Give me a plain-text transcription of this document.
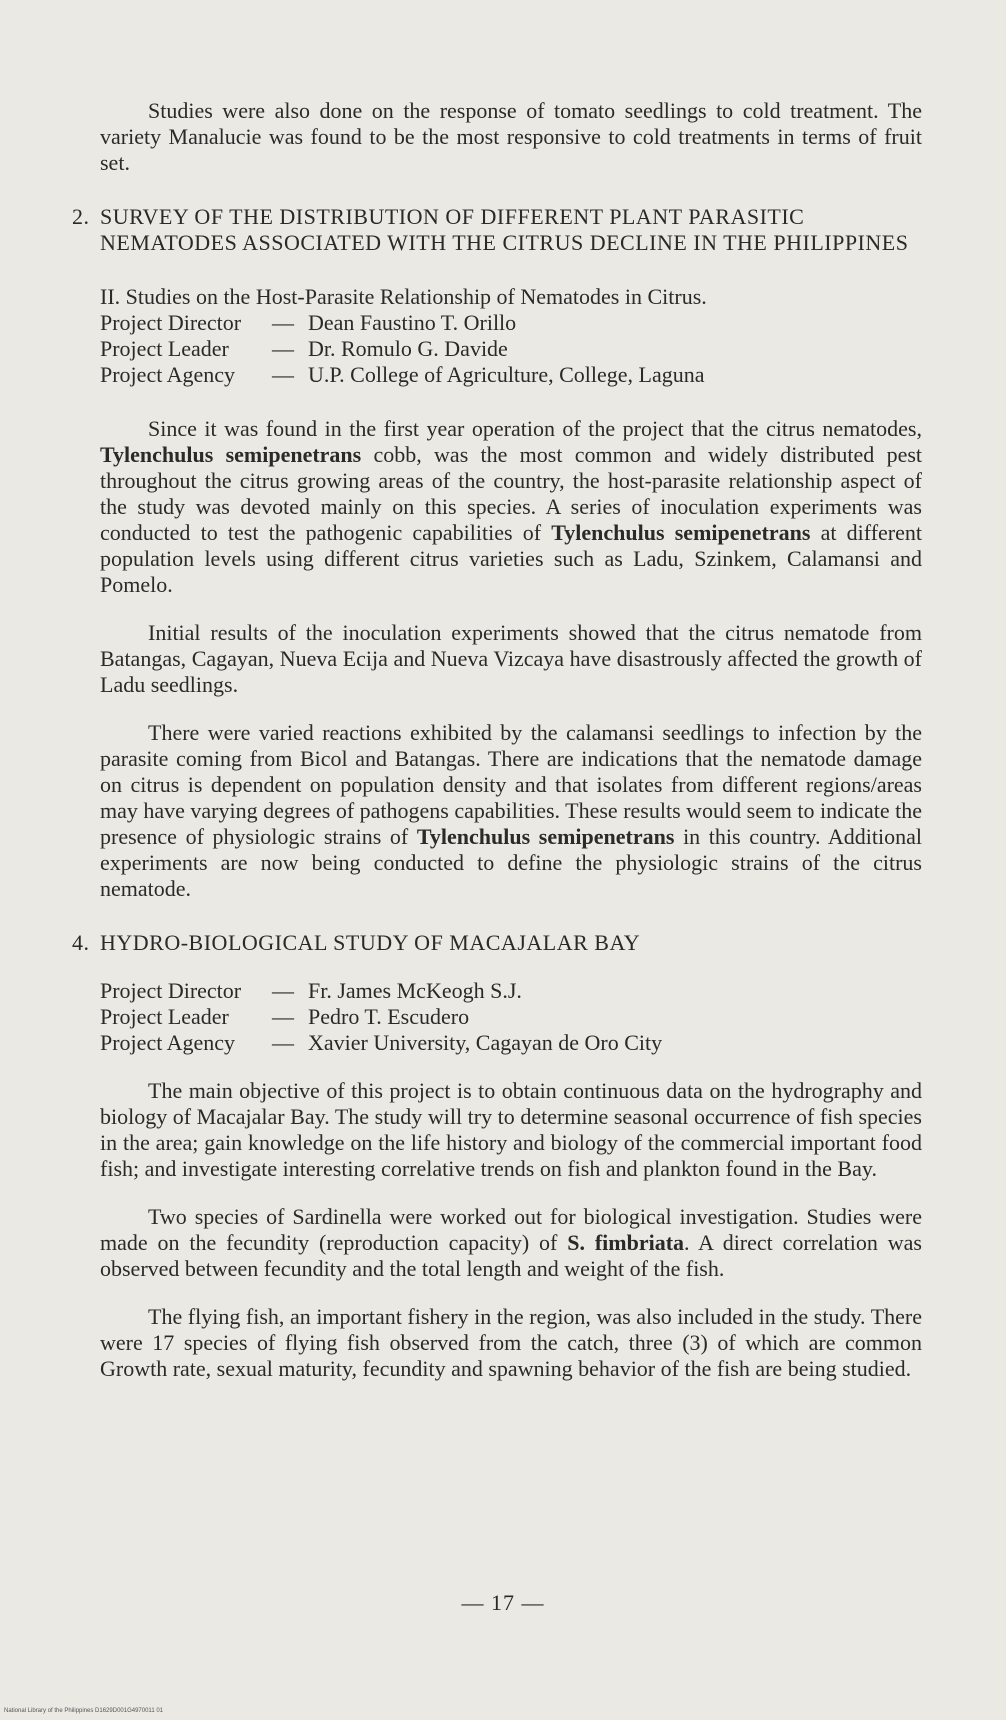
Studies were also done on the response of tomato seedlings to cold treatment. The variety Manalucie was found to be the most responsive to cold treatments in terms of fruit set.

2. SURVEY OF THE DISTRIBUTION OF DIFFERENT PLANT PARASITIC NEMATODES ASSOCIATED WITH THE CITRUS DECLINE IN THE PHILIPPINES

II. Studies on the Host-Parasite Relationship of Nematodes in Citrus.

Project Director	— Dean Faustino T. Orillo
Project Leader	— Dr. Romulo G. Davide
Project Agency	— U.P. College of Agriculture, College, Laguna

Since it was found in the first year operation of the project that the citrus nematodes, Tylenchulus semipenetrans cobb, was the most common and widely distributed pest throughout the citrus growing areas of the country, the host-parasite relationship aspect of the study was devoted mainly on this species. A series of inoculation experiments was conducted to test the pathogenic capabilities of Tylenchulus semipenetrans at different population levels using different citrus varieties such as Ladu, Szinkem, Calamansi and Pomelo.

Initial results of the inoculation experiments showed that the citrus nematode from Batangas, Cagayan, Nueva Ecija and Nueva Vizcaya have disastrously affected the growth of Ladu seedlings.

There were varied reactions exhibited by the calamansi seedlings to infection by the parasite coming from Bicol and Batangas. There are indications that the nematode damage on citrus is dependent on population density and that isolates from different regions/areas may have varying degrees of pathogens capabilities. These results would seem to indicate the presence of physiologic strains of Tylenchulus semipenetrans in this country. Additional experiments are now being conducted to define the physiologic strains of the citrus nematode.

4. HYDRO-BIOLOGICAL STUDY OF MACAJALAR BAY
Project Director	— Fr. James McKeogh S.J.
Project Leader	— Pedro T. Escudero
Project Agency	— Xavier University, Cagayan de Oro City

The main objective of this project is to obtain continuous data on the hydrography and biology of Macajalar Bay. The study will try to determine seasonal occurrence of fish species in the area; gain knowledge on the life history and biology of the commercial important food fish; and investigate interesting correlative trends on fish and plankton found in the Bay.

Two species of Sardinella were worked out for biological investigation. Studies were made on the fecundity (reproduction capacity) of S. fimbriata. A direct correlation was observed between fecundity and the total length and weight of the fish.

The flying fish, an important fishery in the region, was also included in the study. There were 17 species of flying fish observed from the catch, three (3) of which are common Growth rate, sexual maturity, fecundity and spawning behavior of the fish are being studied.

— 17 —
National Library of the Philippines D1629D001G4970011 01
